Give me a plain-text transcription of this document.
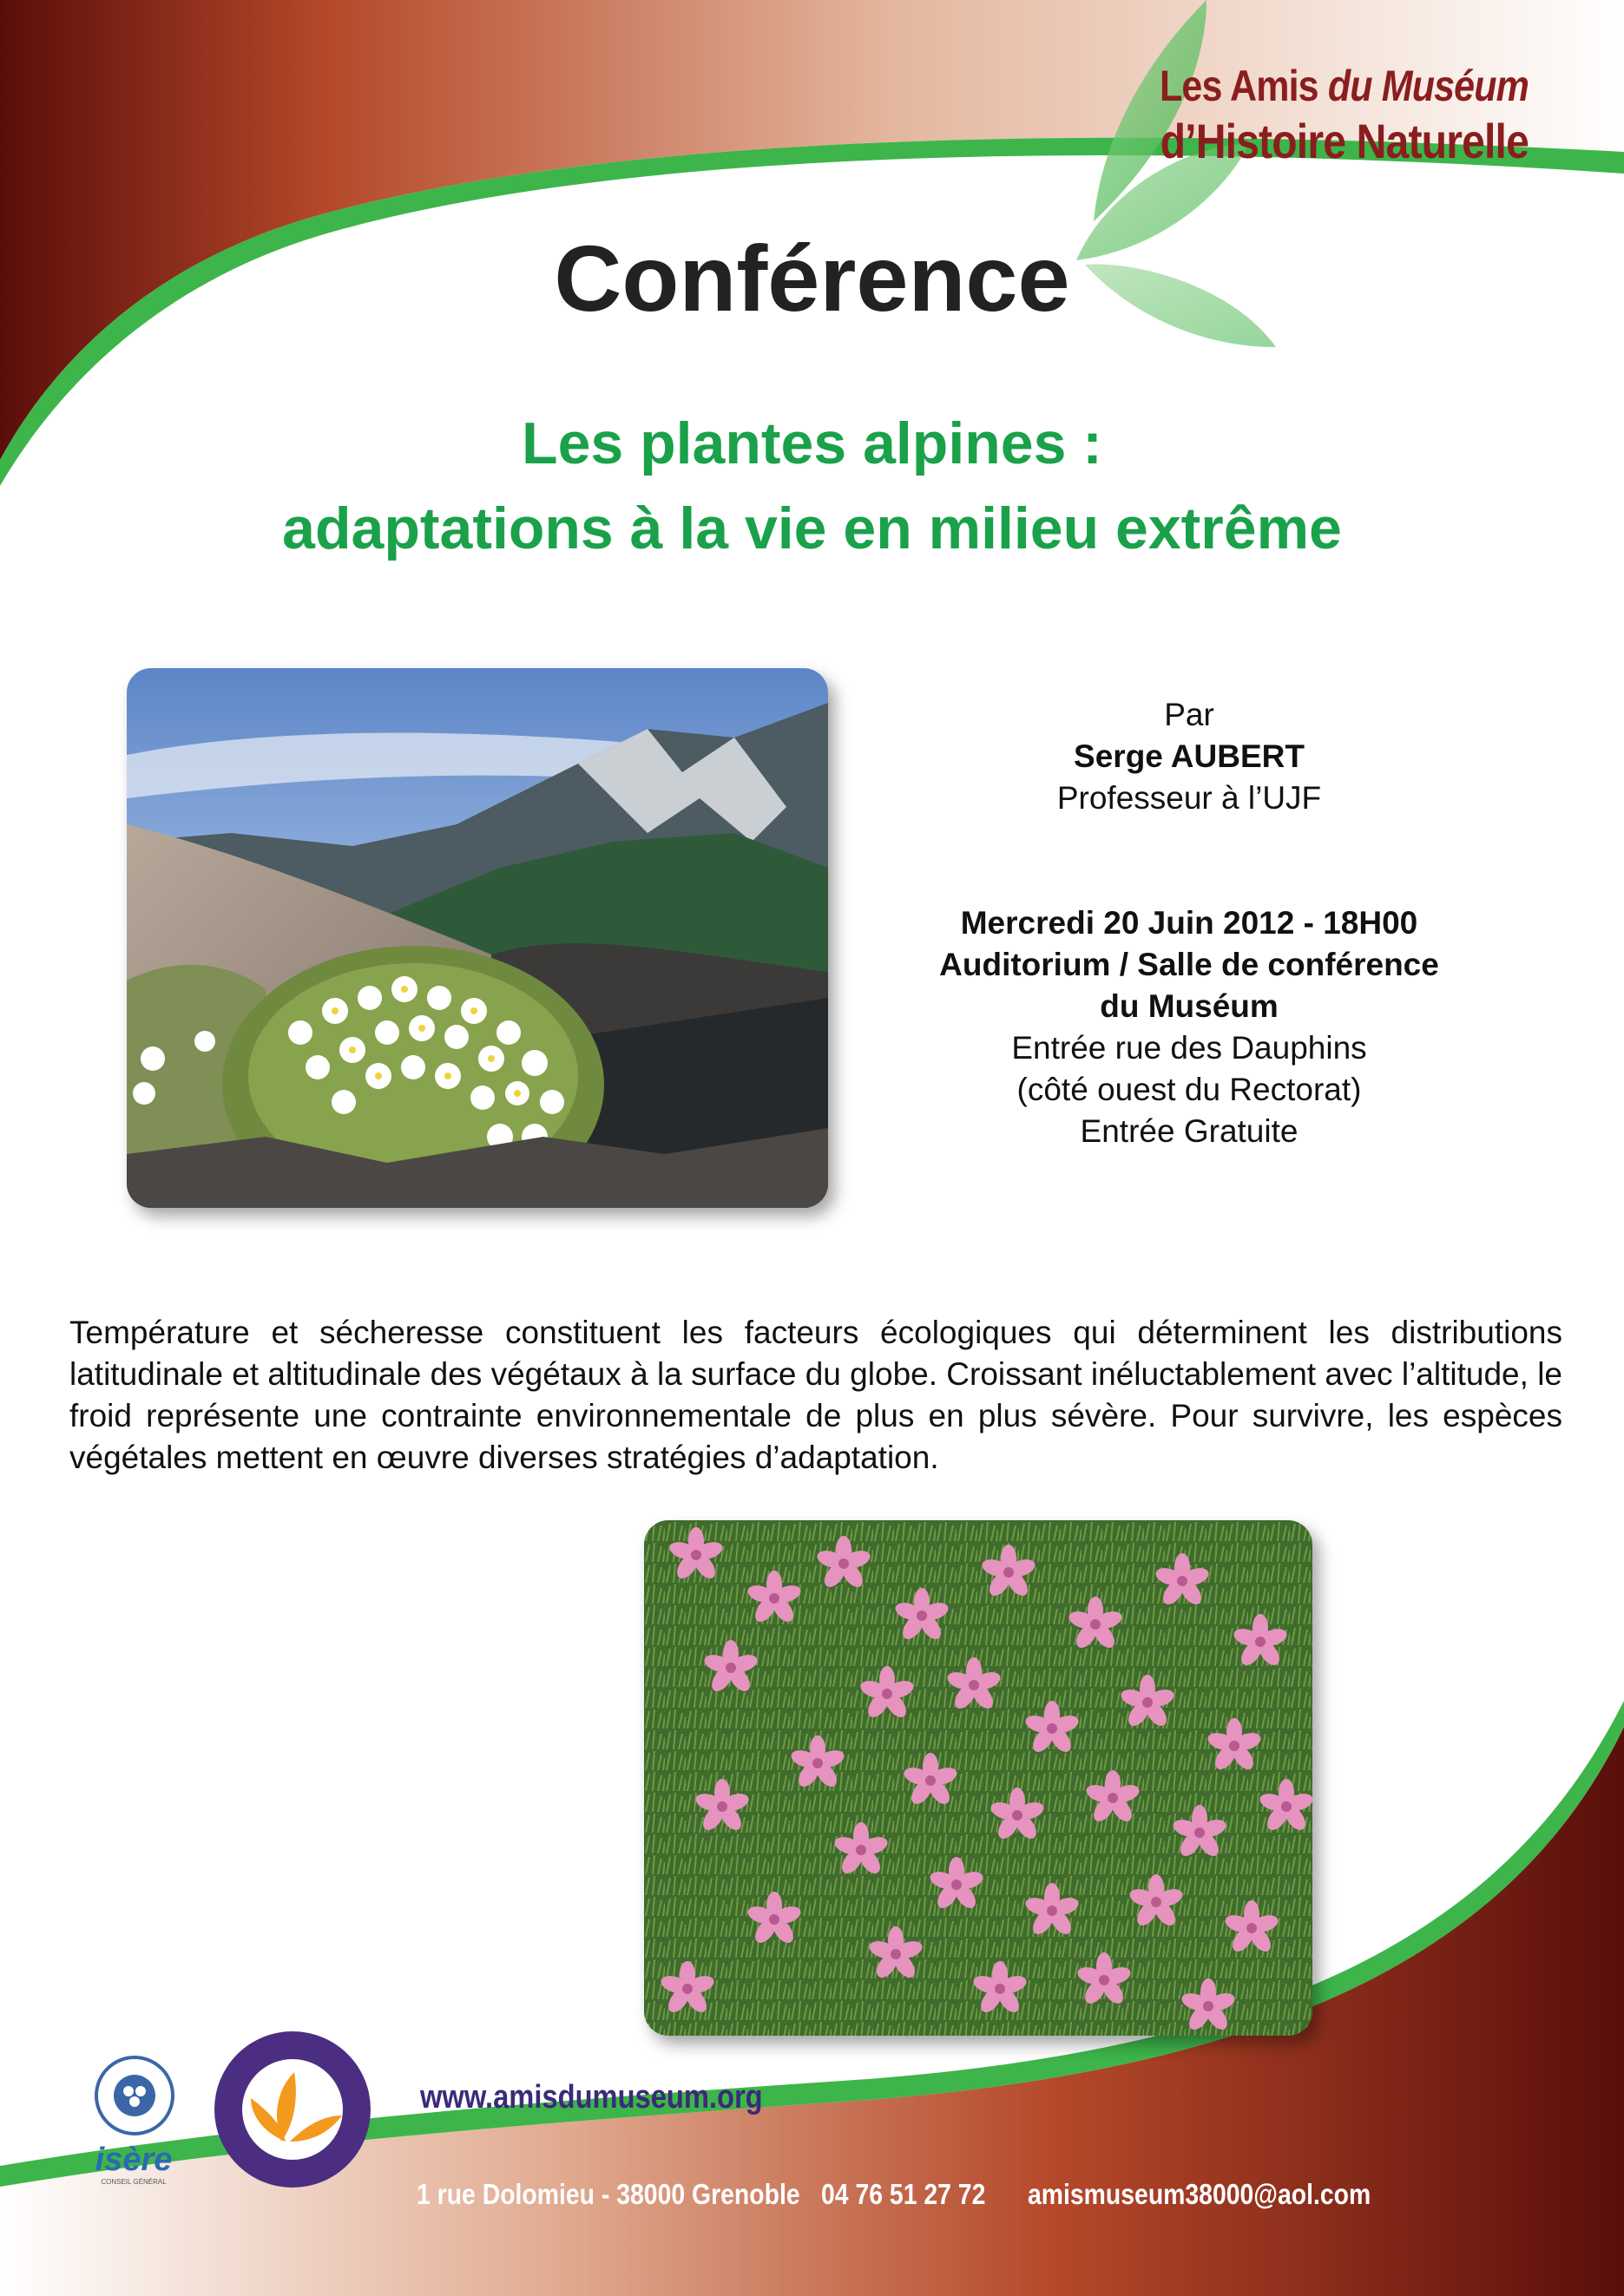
Les Amis du Muséum
d’Histoire Naturelle
Conférence
Les plantes alpines :
adaptations à la vie en milieu extrême
Par
Serge AUBERT
Professeur à l’UJF
Mercredi 20 Juin 2012 - 18H00
Auditorium / Salle de conférence
du Muséum
Entrée rue des Dauphins
(côté ouest du Rectorat)
Entrée Gratuite
Température et sécheresse constituent les facteurs écologiques qui déterminent les distributions latitudinale et altitudinale des végétaux à la surface du globe. Croissant inéluctablement avec l’altitude, le froid représente une contrainte environnementale de plus en plus sévère. Pour survivre, les espèces végétales mettent en œuvre diverses stratégies d’adaptation.
isère
CONSEIL GÉNÉRAL
www.amisdumuseum.org
1 rue Dolomieu - 38000 Grenoble 04 76 51 27 72 amismuseum38000@aol.com
